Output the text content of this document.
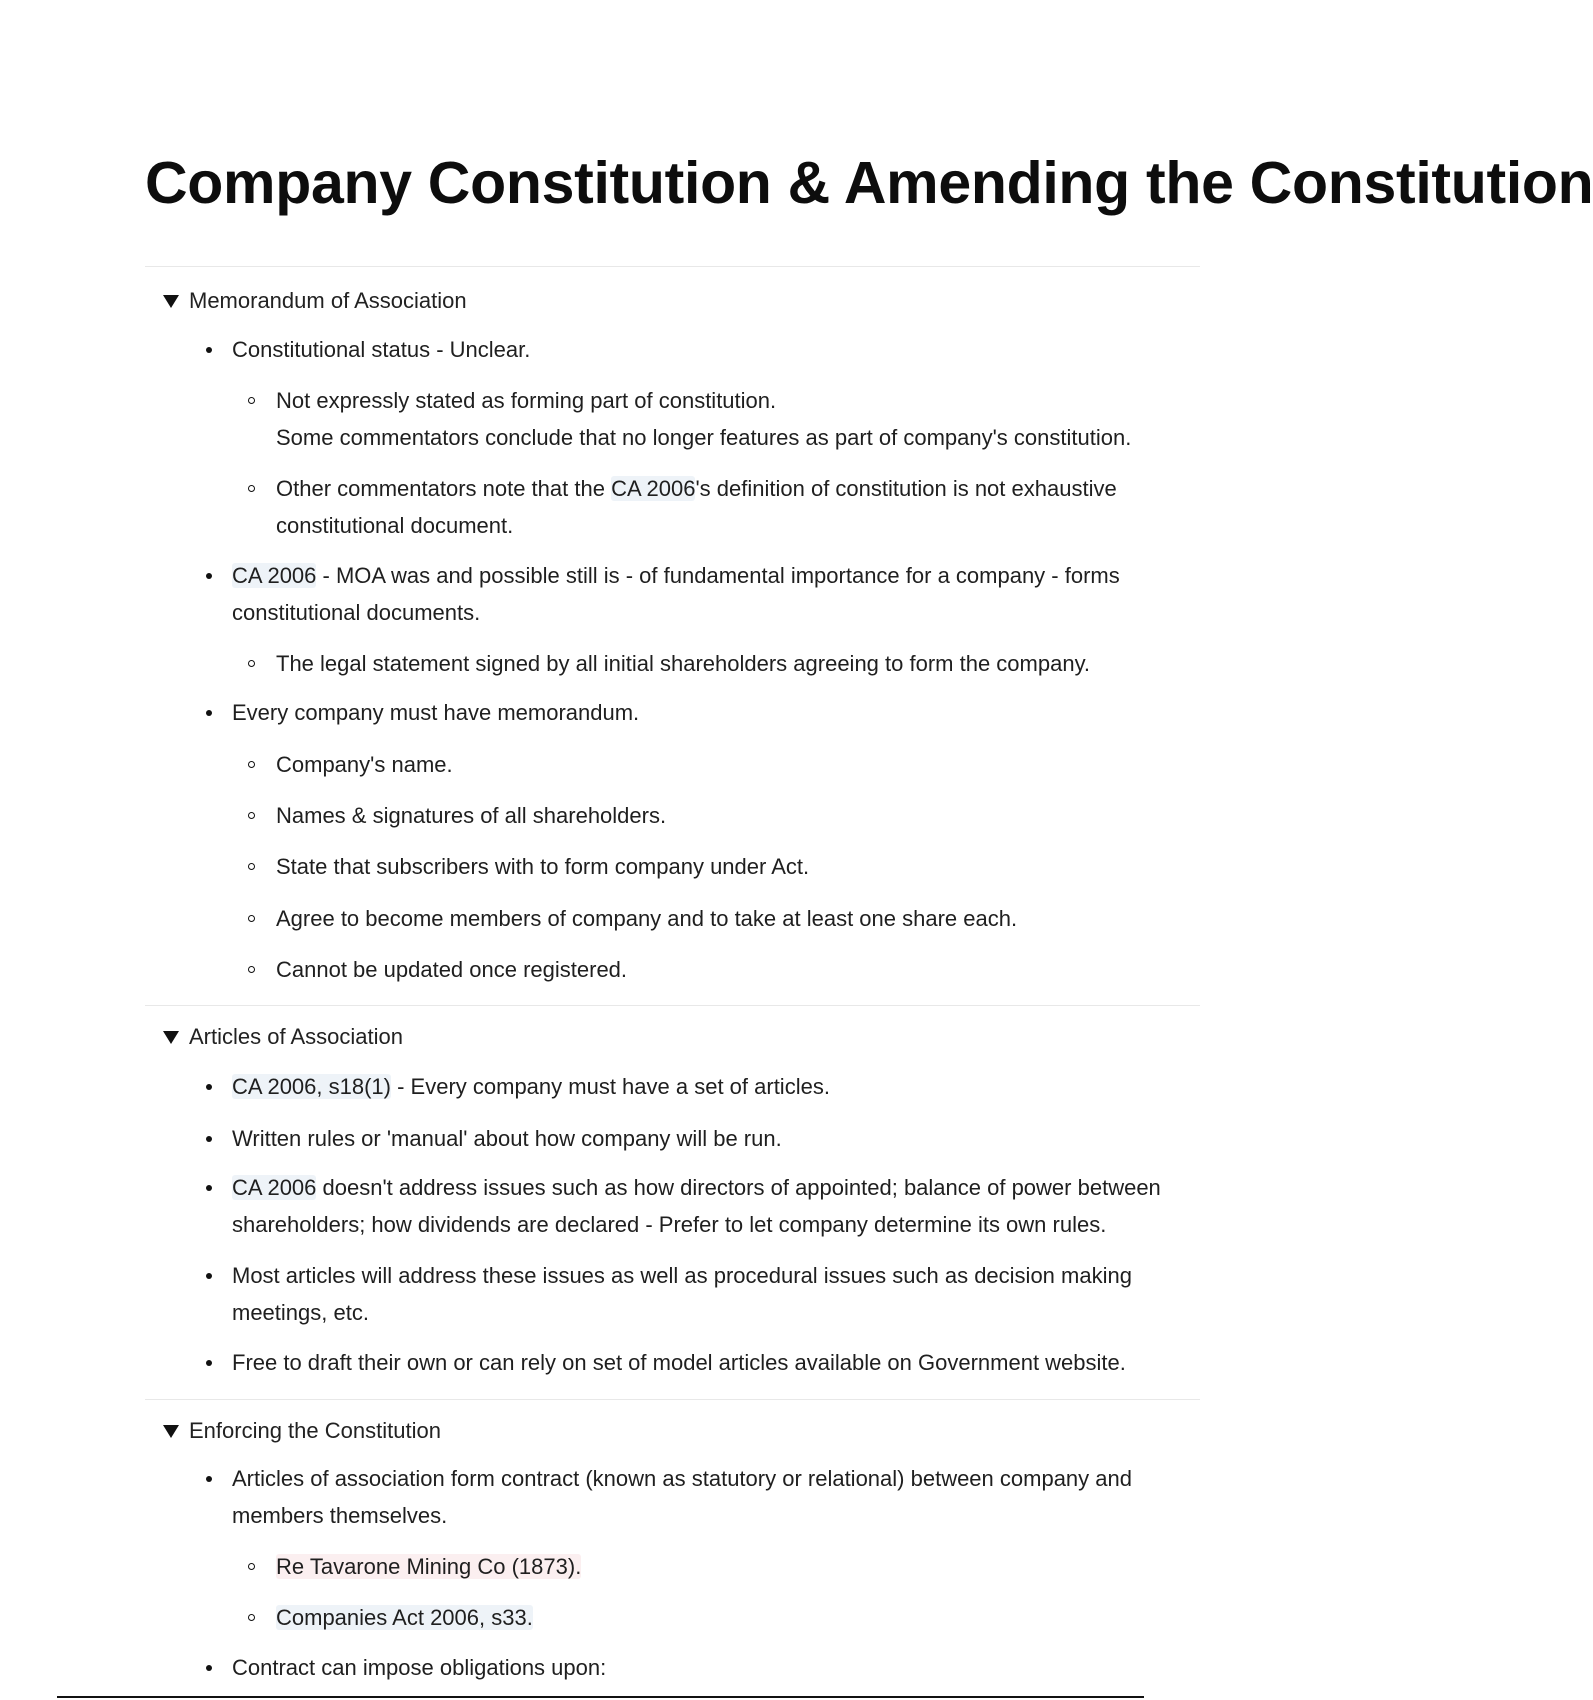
Company Constitution & Amending the Constitution
Memorandum of Association
Constitutional status - Unclear.
Not expressly stated as forming part of constitution.
Some commentators conclude that no longer features as part of company's constitution.
Other commentators note that the CA 2006's definition of constitution is not exhaustive
constitutional document.
CA 2006 - MOA was and possible still is - of fundamental importance for a company - forms
constitutional documents.
The legal statement signed by all initial shareholders agreeing to form the company.
Every company must have memorandum.
Company's name.
Names & signatures of all shareholders.
State that subscribers with to form company under Act.
Agree to become members of company and to take at least one share each.
Cannot be updated once registered.
Articles of Association
CA 2006, s18(1) - Every company must have a set of articles.
Written rules or 'manual' about how company will be run.
CA 2006 doesn't address issues such as how directors of appointed; balance of power between
shareholders; how dividends are declared - Prefer to let company determine its own rules.
Most articles will address these issues as well as procedural issues such as decision making
meetings, etc.
Free to draft their own or can rely on set of model articles available on Government website.
Enforcing the Constitution
Articles of association form contract (known as statutory or relational) between company and
members themselves.
Re Tavarone Mining Co (1873).
Companies Act 2006, s33.
Contract can impose obligations upon:
